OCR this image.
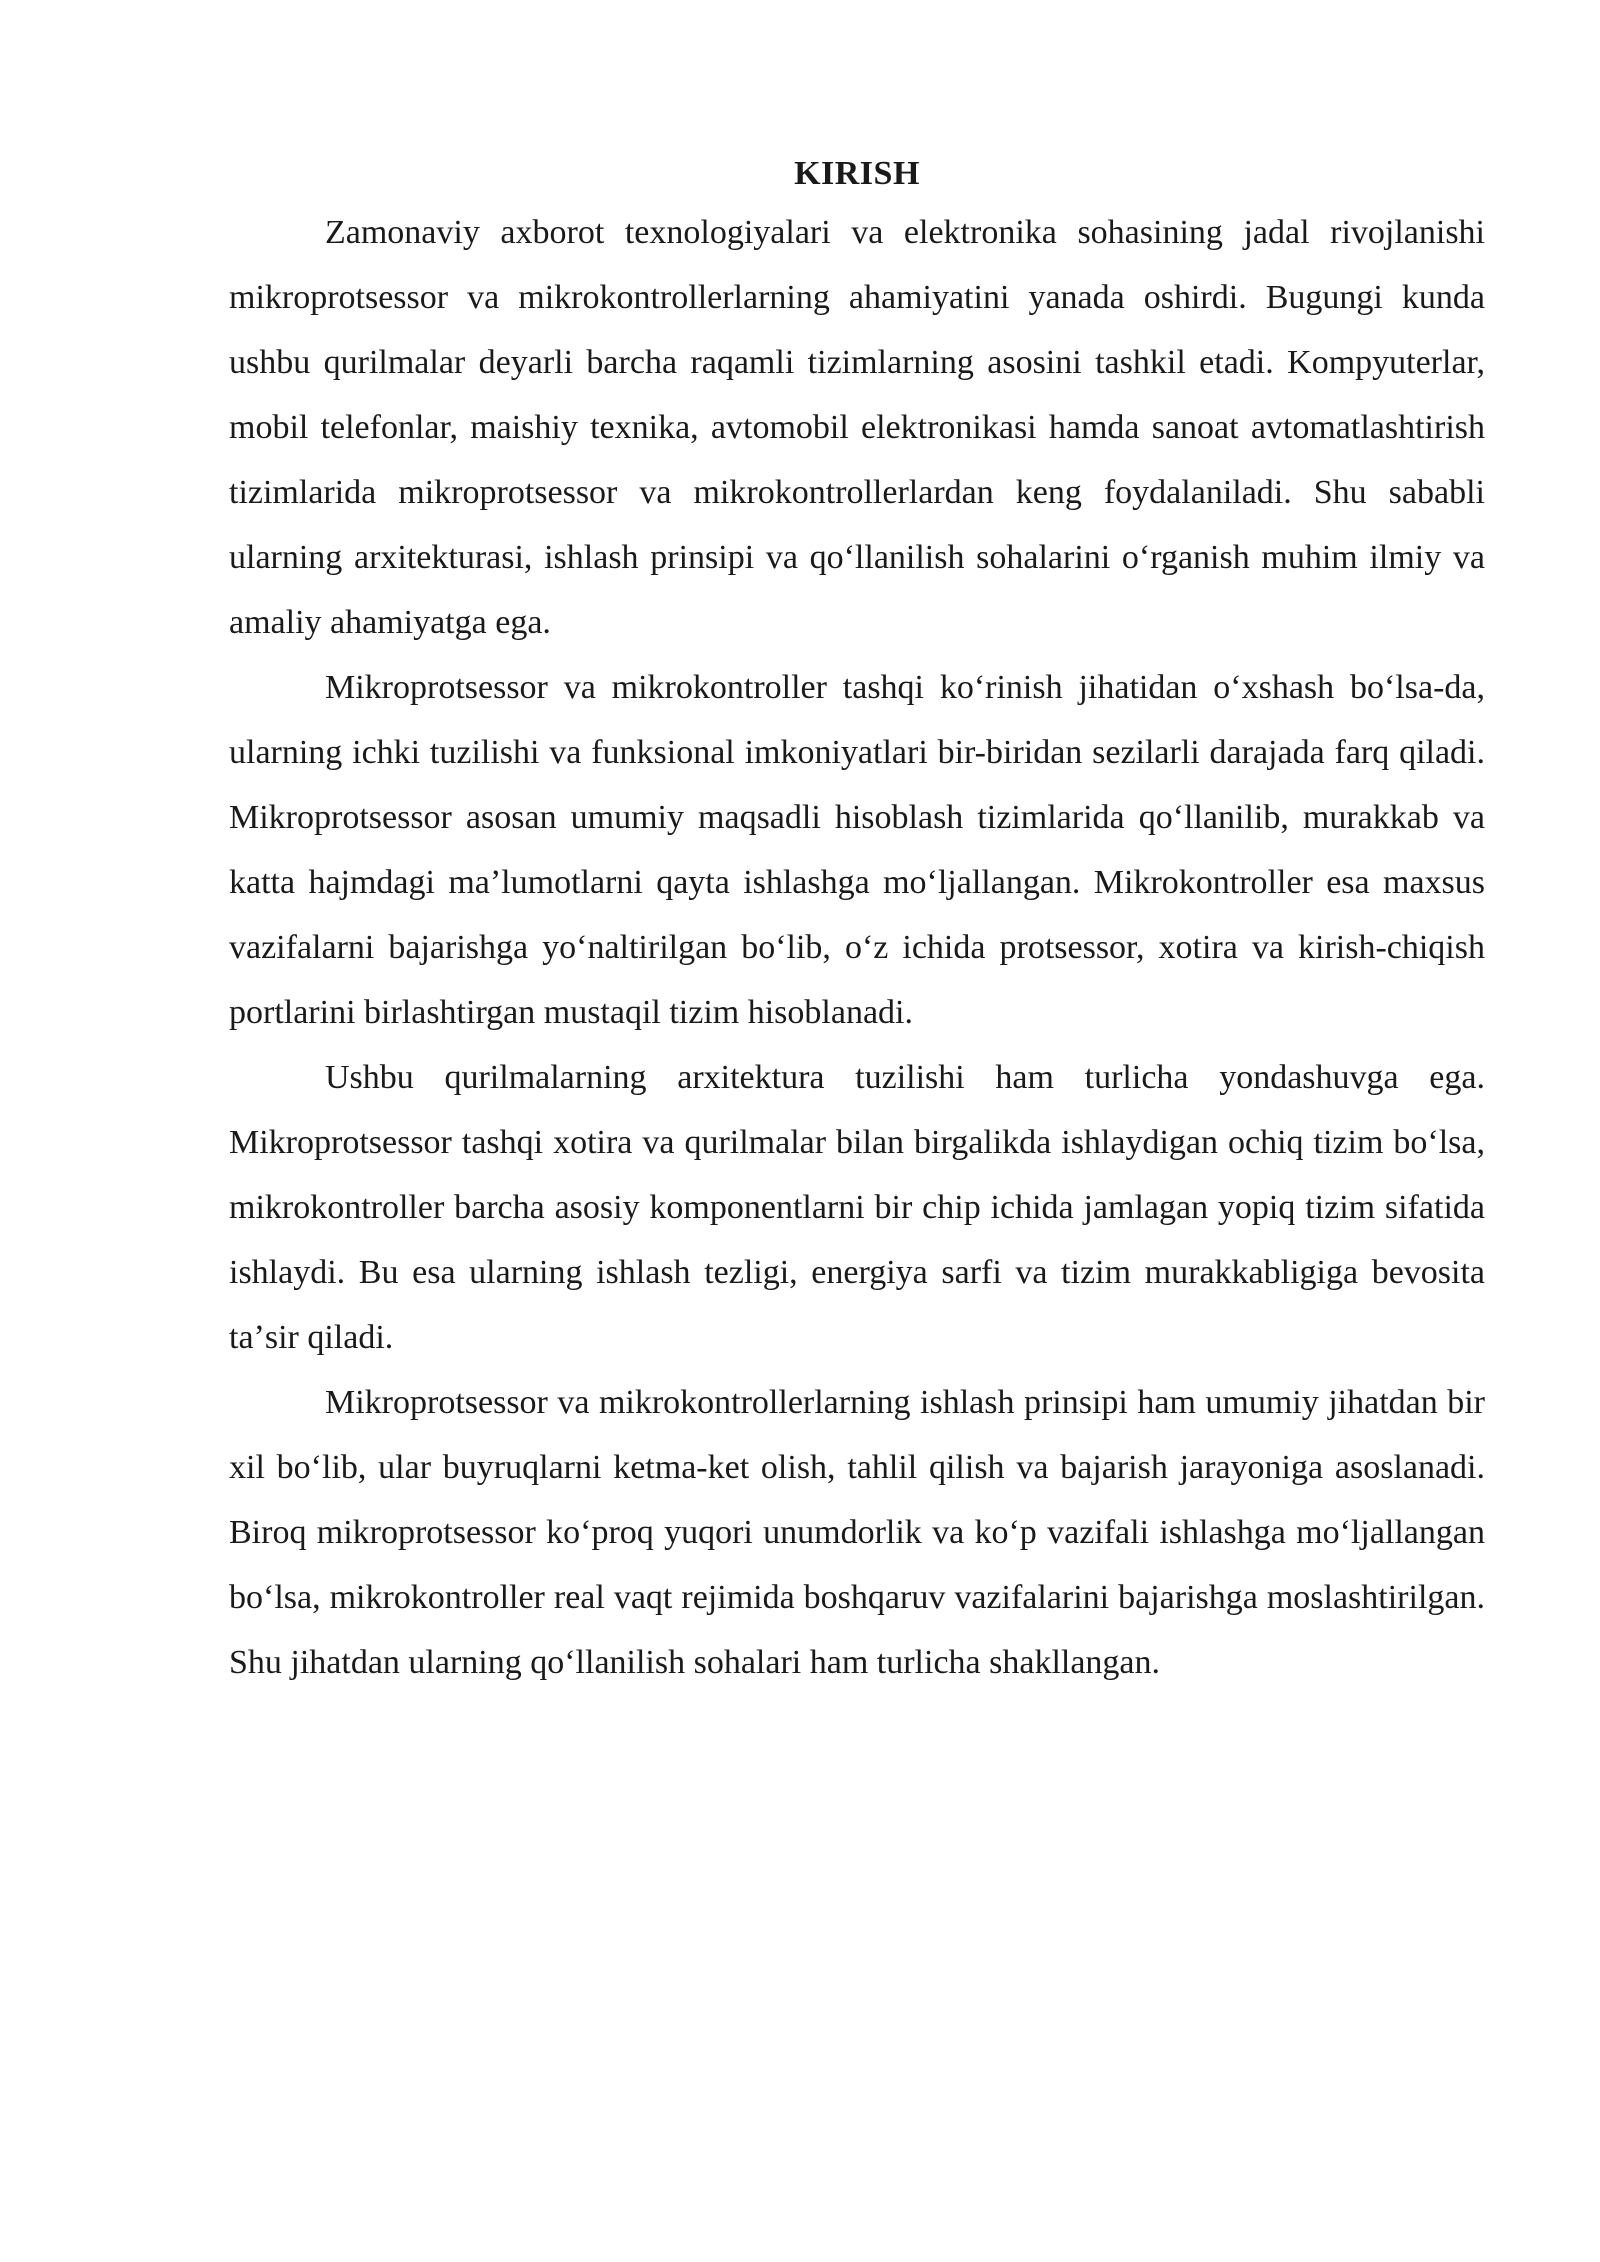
KIRISH

Zamonaviy axborot texnologiyalari va elektronika sohasining jadal rivojlanishi mikroprotsessor va mikrokontrollerlarning ahamiyatini yanada oshirdi. Bugungi kunda ushbu qurilmalar deyarli barcha raqamli tizimlarning asosini tashkil etadi. Kompyuterlar, mobil telefonlar, maishiy texnika, avtomobil elektronikasi hamda sanoat avtomatlashtirish tizimlarida mikroprotsessor va mikrokontrollerlardan keng foydalaniladi. Shu sababli ularning arxitekturasi, ishlash prinsipi va qoʻllanilish sohalarini oʻrganish muhim ilmiy va amaliy ahamiyatga ega.

Mikroprotsessor va mikrokontroller tashqi koʻrinish jihatidan oʻxshash boʻlsa-da, ularning ichki tuzilishi va funksional imkoniyatlari bir-biridan sezilarli darajada farq qiladi. Mikroprotsessor asosan umumiy maqsadli hisoblash tizimlarida qoʻllanilib, murakkab va katta hajmdagi maʼlumotlarni qayta ishlashga moʻljallangan. Mikrokontroller esa maxsus vazifalarni bajarishga yoʻnaltirilgan boʻlib, oʻz ichida protsessor, xotira va kirish-chiqish portlarini birlashtirgan mustaqil tizim hisoblanadi.

Ushbu qurilmalarning arxitektura tuzilishi ham turlicha yondashuvga ega. Mikroprotsessor tashqi xotira va qurilmalar bilan birgalikda ishlaydigan ochiq tizim boʻlsa, mikrokontroller barcha asosiy komponentlarni bir chip ichida jamlagan yopiq tizim sifatida ishlaydi. Bu esa ularning ishlash tezligi, energiya sarfi va tizim murakkabligiga bevosita taʼsir qiladi.

Mikroprotsessor va mikrokontrollerlarning ishlash prinsipi ham umumiy jihatdan bir xil boʻlib, ular buyruqlarni ketma-ket olish, tahlil qilish va bajarish jarayoniga asoslanadi. Biroq mikroprotsessor koʻproq yuqori unumdorlik va koʻp vazifali ishlashga moʻljallangan boʻlsa, mikrokontroller real vaqt rejimida boshqaruv vazifalarini bajarishga moslashtirilgan. Shu jihatdan ularning qoʻllanilish sohalari ham turlicha shakllangan.
